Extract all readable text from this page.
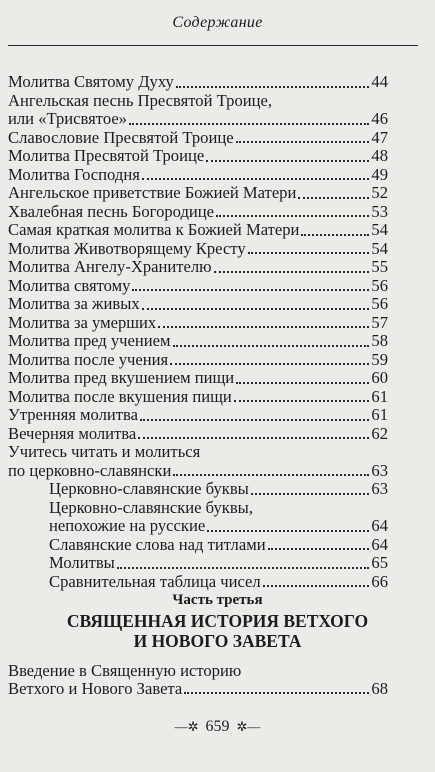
Содержание
Молитва Святому Духу	44
Ангельская песнь Пресвятой Троице,
или «Трисвятое»	46
Славословие Пресвятой Троице	47
Молитва Пресвятой Троице	48
Молитва Господня	49
Ангельское приветствие Божией Матери	52
Хвалебная песнь Богородице	53
Самая краткая молитва к Божией Матери	54
Молитва Животворящему Кресту	54
Молитва Ангелу-Хранителю	55
Молитва святому	56
Молитва за живых	56
Молитва за умерших	57
Молитва пред учением	58
Молитва после учения	59
Молитва пред вкушением пищи	60
Молитва после вкушения пищи	61
Утренняя молитва	61
Вечерняя молитва	62
Учитесь читать и молиться
по церковно-славянски	63
Церковно-славянские буквы	63
Церковно-славянские буквы,
непохожие на русские	64
Славянские слова над титлами	64
Молитвы	65
Сравнительная таблица чисел	66
Часть третья
СВЯЩЕННАЯ ИСТОРИЯ ВЕТХОГО
И НОВОГО ЗАВЕТА
Введение в Священную историю
Ветхого и Нового Завета	68
—✲ 659 ✲—
